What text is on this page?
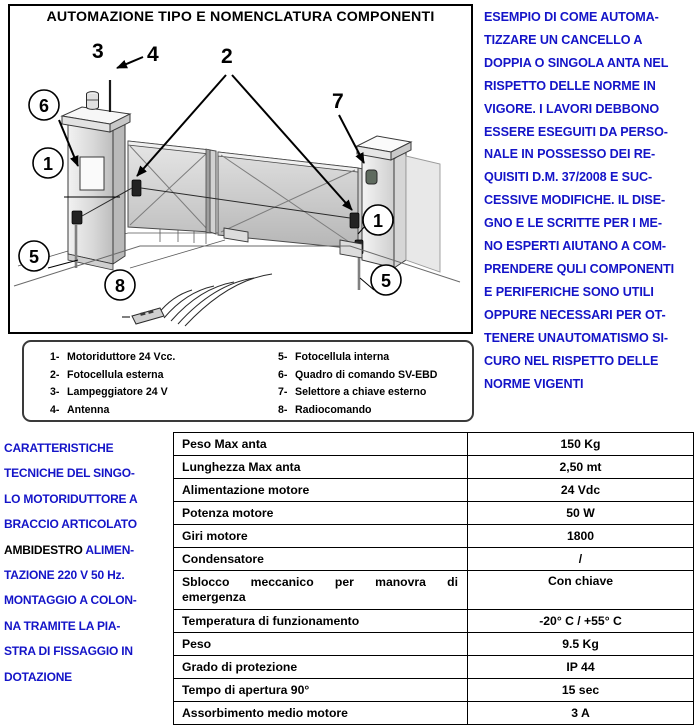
AUTOMAZIONE TIPO E NOMENCLATURA COMPONENTI
6
1
5
8
1
5
3 4	2
7
1- Motoriduttore 24 Vcc.
2- Fotocellula esterna
3- Lampeggiatore 24 V
4- Antenna
5- Fotocellula interna
6- Quadro di comando SV-EBD
7- Selettore a chiave esterno
8- Radiocomando
ESEMPIO DI COME AUTOMA-
TIZZARE UN CANCELLO A
DOPPIA O SINGOLA ANTA NEL
RISPETTO DELLE NORME IN
VIGORE. I LAVORI DEBBONO
ESSERE ESEGUITI DA PERSO-
NALE IN POSSESSO DEI RE-
QUISITI D.M. 37/2008 E SUC-
CESSIVE MODIFICHE. IL DISE-
GNO E LE SCRITTE PER I ME-
NO ESPERTI AIUTANO A COM-
PRENDERE QULI COMPONENTI
E PERIFERICHE SONO UTILI
OPPURE NECESSARI PER OT-
TENERE UNAUTOMATISMO SI-
CURO NEL RISPETTO DELLE
NORME VIGENTI
CARATTERISTICHE
TECNICHE DEL SINGO-
LO MOTORIDUTTORE A
BRACCIO ARTICOLATO
AMBIDESTRO ALIMEN-
TAZIONE 220 V 50 Hz.
MONTAGGIO A COLON-
NA TRAMITE LA PIA-
STRA DI FISSAGGIO IN
DOTAZIONE
Peso Max anta	150 Kg
Lunghezza Max anta	2,50 mt
Alimentazione motore	24 Vdc
Potenza motore	50 W
Giri motore	1800
Condensatore	/

Sblocco meccanico per manovra di
emergenza	Con chiave
Temperatura di funzionamento	-20° C / +55° C
Peso	9.5 Kg
Grado di protezione	IP 44
Tempo di apertura 90°	15 sec
Assorbimento medio motore	3 A
